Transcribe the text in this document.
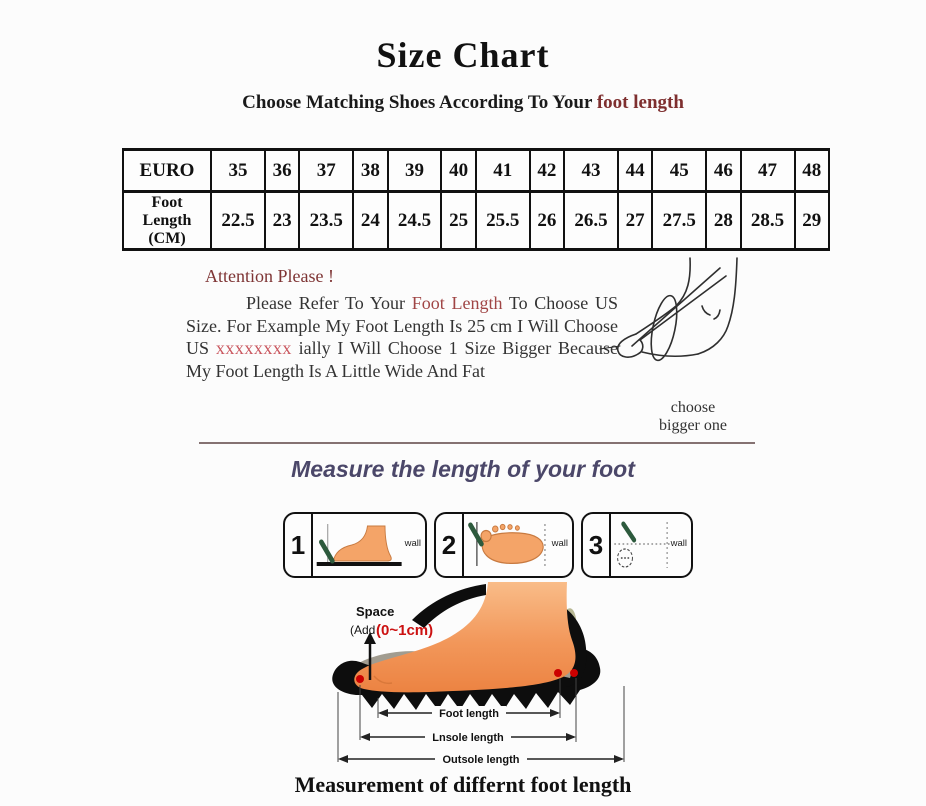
Size Chart
Choose Matching Shoes According To Your foot length
EURO	35	36	37	38	39	40	41	42	43	44	45	46	47	48
Foot Length (CM)	22.5	23	23.5	24	24.5	25	25.5	26	26.5	27	27.5	28	28.5	29
Attention Please !
Please Refer To Your Foot Length To Choose US Size. For Example My Foot Length Is 25 cm I Will Choose US xxxxxxxx ially I Will Choose 1 Size Bigger Because My Foot Length Is A Little Wide And Fat
choose
bigger one
Measure the length of your foot
1	wall 2	wall 3	wall
Space
(Add (0~1cm)
Foot length
Lnsole length
Outsole length
Measurement of differnt foot length
